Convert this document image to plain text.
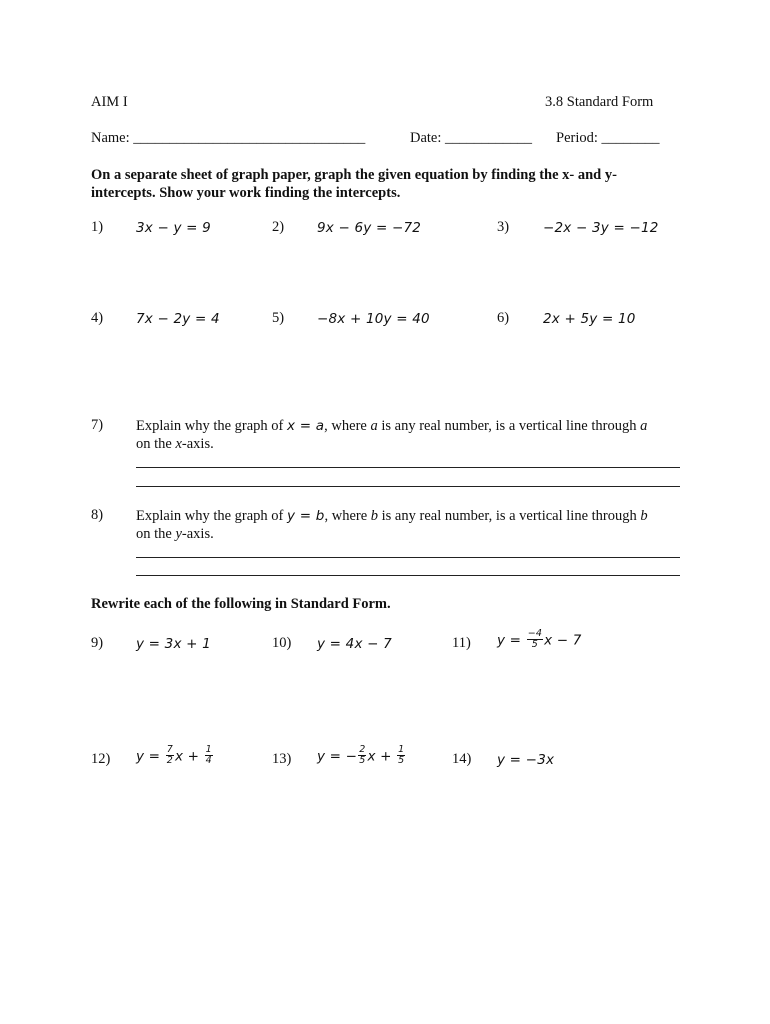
AIM I	3.8 Standard Form
Name: ________________________________	Date: ____________ Period: ________
On a separate sheet of graph paper, graph the given equation by finding the x- and y-
intercepts. Show your work finding the intercepts.
1) 3x − y = 9	2) 9x − 6y = −72	3)	−2x − 3y = −12
4) 7x − 2y = 4	5) −8x + 10y = 40	6)	2x + 5y = 10
7) Explain why the graph of x = a, where a is any real number, is a vertical line through a
on the x-axis.
8) Explain why the graph of y = b, where b is any real number, is a vertical line through b
on the y-axis.
Rewrite each of the following in Standard Form.
9) y = 3x + 1	10) y = 4x − 7	11) $y = \frac{-4}{5}$ x − 7
12) $y = \frac{7}{2}$ $x + \frac{1}{4}$	13) y = − $\frac{2}{5}$ $x + \frac{1}{5}$	14) y = −3x
